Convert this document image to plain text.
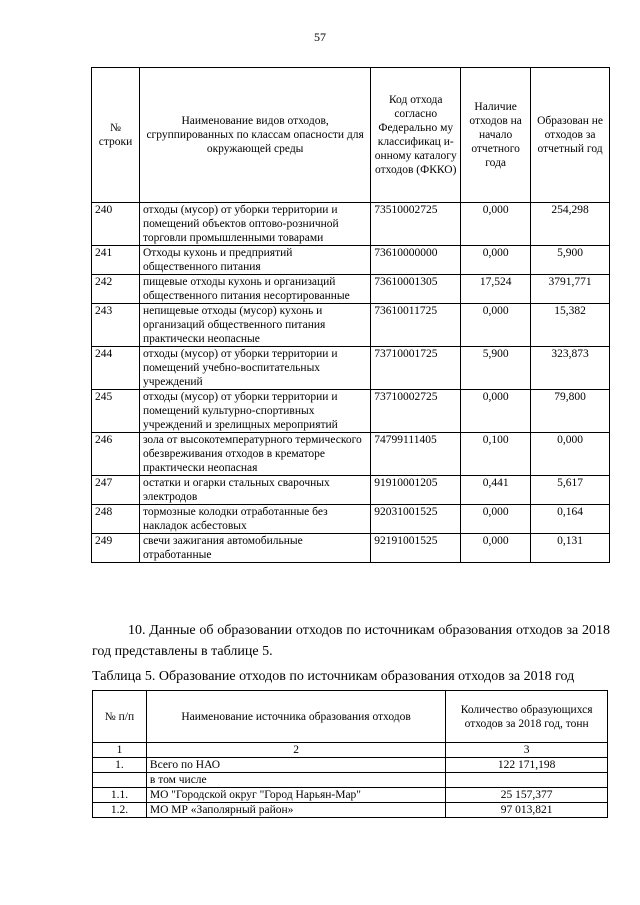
57
№ строки	Наименование видов отходов, сгруппированных по классам опасности для окружающей среды	Код отхода согласно Федерально му классификац и-онному каталогу отходов (ФККО)	Наличие отходов на начало отчетного года	Образован не отходов за отчетный год
240	отходы (мусор) от уборки территории и помещений объектов оптово-розничной торговли промышленными товарами	73510002725	0,000	254,298
241	Отходы кухонь и предприятий общественного питания	73610000000	0,000	5,900
242	пищевые отходы кухонь и организаций общественного питания несортированные	73610001305	17,524	3791,771
243	непищевые отходы (мусор) кухонь и организаций общественного питания практически неопасные	73610011725	0,000	15,382
244	отходы (мусор) от уборки территории и помещений учебно-воспитательных учреждений	73710001725	5,900	323,873
245	отходы (мусор) от уборки территории и помещений культурно-спортивных учреждений и зрелищных мероприятий	73710002725	0,000	79,800
246	зола от высокотемпературного термического обезвреживания отходов в крематоре практически неопасная	74799111405	0,100	0,000
247	остатки и огарки стальных сварочных электродов	91910001205	0,441	5,617
248	тормозные колодки отработанные без накладок асбестовых	92031001525	0,000	0,164
249	свечи зажигания автомобильные отработанные	92191001525	0,000	0,131
10. Данные об образовании отходов по источникам образования отходов за 2018 год представлены в таблице 5.
Таблица 5. Образование отходов по источникам образования отходов за 2018 год
№ п/п	Наименование источника образования отходов	Количество образующихся отходов за 2018 год, тонн
1	2	3
1.	Всего по НАО	122 171,198
	в том числе	
1.1.	МО "Городской округ "Город Нарьян-Мар"	25 157,377
1.2.	МО МР «Заполярный район»	97 013,821
